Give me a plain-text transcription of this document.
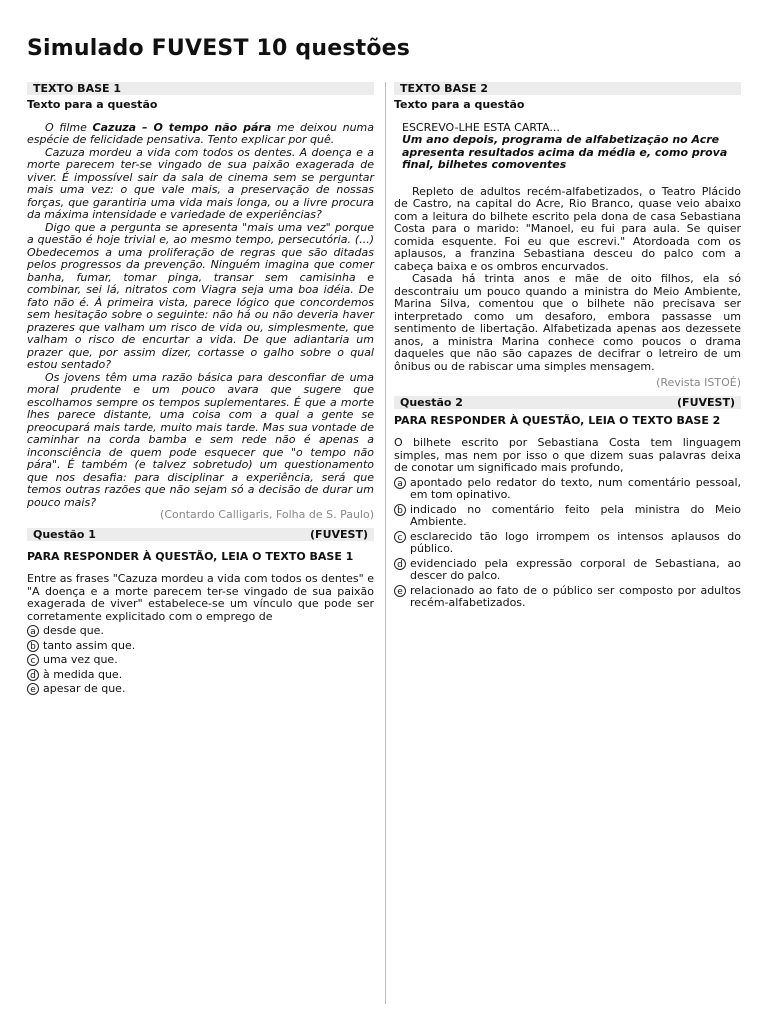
Simulado FUVEST 10 questões
TEXTO BASE 1
Texto para a questão
O filme Cazuza – O tempo não pára me deixou numa espécie de felicidade pensativa. Tento explicar por quê.
Cazuza mordeu a vida com todos os dentes. A doença e a morte parecem ter-se vingado de sua paixão exagerada de viver. É impossível sair da sala de cinema sem se perguntar mais uma vez: o que vale mais, a preservação de nossas forças, que garantiria uma vida mais longa, ou a livre procura da máxima intensidade e variedade de experiências?
Digo que a pergunta se apresenta "mais uma vez" porque a questão é hoje trivial e, ao mesmo tempo, persecutória. (...) Obedecemos a uma proliferação de regras que são ditadas pelos progressos da prevenção. Ninguém imagina que comer banha, fumar, tomar pinga, transar sem camisinha e combinar, sei lá, nitratos com Viagra seja uma boa idéia. De fato não é. À primeira vista, parece lógico que concordemos sem hesitação sobre o seguinte: não há ou não deveria haver prazeres que valham um risco de vida ou, simplesmente, que valham o risco de encurtar a vida. De que adiantaria um prazer que, por assim dizer, cortasse o galho sobre o qual estou sentado?
Os jovens têm uma razão básica para desconfiar de uma moral prudente e um pouco avara que sugere que escolhamos sempre os tempos suplementares. É que a morte lhes parece distante, uma coisa com a qual a gente se preocupará mais tarde, muito mais tarde. Mas sua vontade de caminhar na corda bamba e sem rede não é apenas a inconsciência de quem pode esquecer que "o tempo não pára". É também (e talvez sobretudo) um questionamento que nos desafia: para disciplinar a experiência, será que temos outras razões que não sejam só a decisão de durar um pouco mais?
(Contardo Calligaris, Folha de S. Paulo)
Questão 1	(FUVEST)
PARA RESPONDER À QUESTÃO, LEIA O TEXTO BASE 1
Entre as frases "Cazuza mordeu a vida com todos os dentes" e "A doença e a morte parecem ter-se vingado de sua paixão exagerada de viver" estabelece-se um vínculo que pode ser corretamente explicitado com o emprego de
a desde que.
b tanto assim que.
c uma vez que.
d à medida que.
e apesar de que.
TEXTO BASE 2
Texto para a questão
ESCREVO-LHE ESTA CARTA...
Um ano depois, programa de alfabetização no Acre apresenta resultados acima da média e, como prova final, bilhetes comoventes
Repleto de adultos recém-alfabetizados, o Teatro Plácido de Castro, na capital do Acre, Rio Branco, quase veio abaixo com a leitura do bilhete escrito pela dona de casa Sebastiana Costa para o marido: "Manoel, eu fui para aula. Se quiser comida esquente. Foi eu que escrevi." Atordoada com os aplausos, a franzina Sebastiana desceu do palco com a cabeça baixa e os ombros encurvados.
Casada há trinta anos e mãe de oito filhos, ela só descontraiu um pouco quando a ministra do Meio Ambiente, Marina Silva, comentou que o bilhete não precisava ser interpretado como um desaforo, embora passasse um sentimento de libertação. Alfabetizada apenas aos dezessete anos, a ministra Marina conhece como poucos o drama daqueles que não são capazes de decifrar o letreiro de um ônibus ou de rabiscar uma simples mensagem.
(Revista ISTOÉ)
Questão 2	(FUVEST)
PARA RESPONDER À QUESTÃO, LEIA O TEXTO BASE 2
O bilhete escrito por Sebastiana Costa tem linguagem simples, mas nem por isso o que dizem suas palavras deixa de conotar um significado mais profundo,
a apontado pelo redator do texto, num comentário pessoal, em tom opinativo.
b indicado no comentário feito pela ministra do Meio Ambiente.
c esclarecido tão logo irrompem os intensos aplausos do público.
d evidenciado pela expressão corporal de Sebastiana, ao descer do palco.
e relacionado ao fato de o público ser composto por adultos recém-alfabetizados.
